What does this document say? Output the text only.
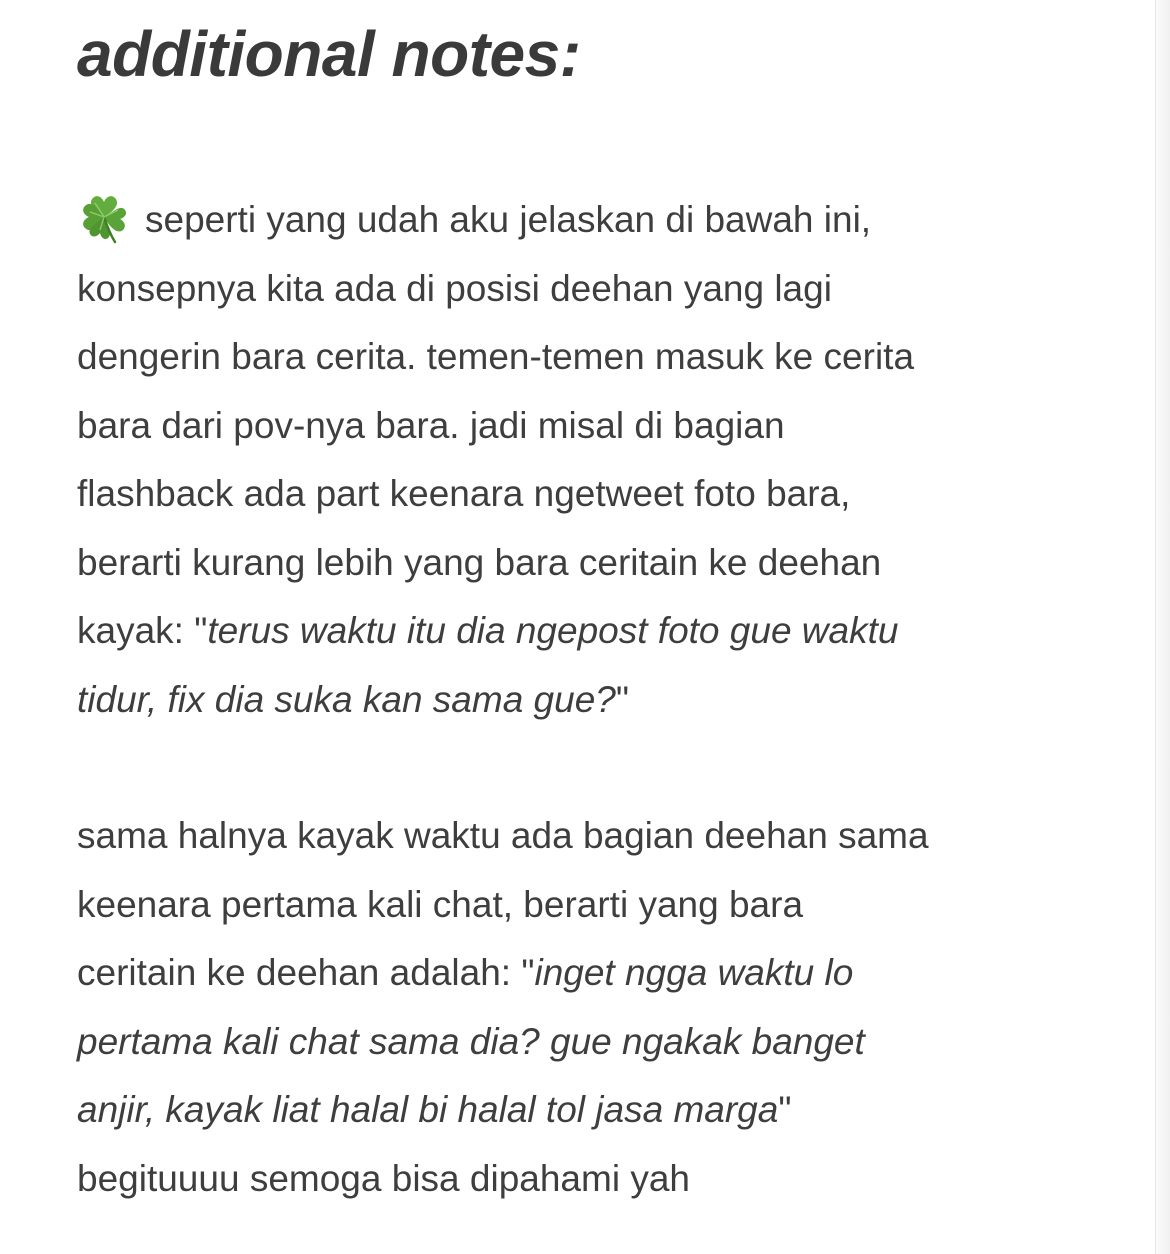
additional notes:
seperti yang udah aku jelaskan di bawah ini,
konsepnya kita ada di posisi deehan yang lagi
dengerin bara cerita. temen-temen masuk ke cerita
bara dari pov-nya bara. jadi misal di bagian
flashback ada part keenara ngetweet foto bara,
berarti kurang lebih yang bara ceritain ke deehan
kayak: "terus waktu itu dia ngepost foto gue waktu
tidur, fix dia suka kan sama gue?"
sama halnya kayak waktu ada bagian deehan sama
keenara pertama kali chat, berarti yang bara
ceritain ke deehan adalah: "inget ngga waktu lo
pertama kali chat sama dia? gue ngakak banget
anjir, kayak liat halal bi halal tol jasa marga"
begituuuu semoga bisa dipahami yah
